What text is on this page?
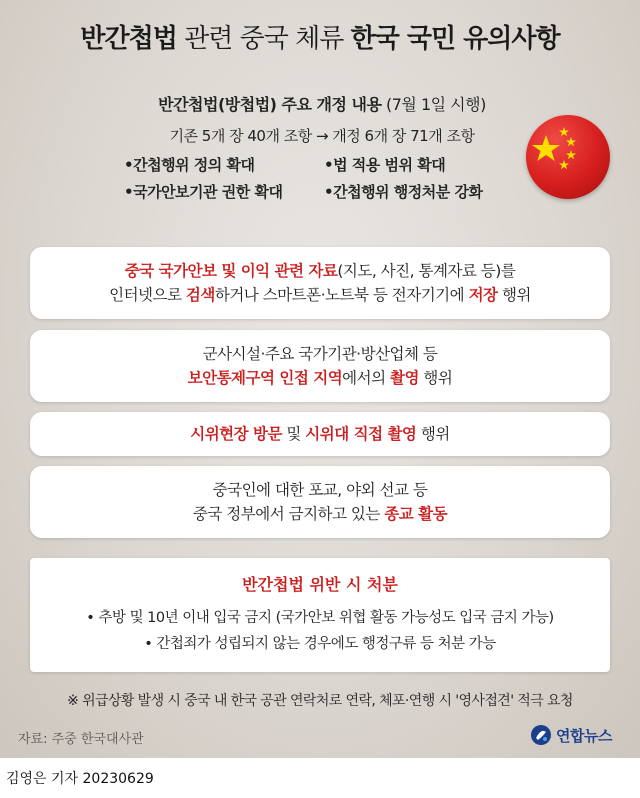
반간첩법 관련 중국 체류 한국 국민 유의사항
반간첩법(방첩법) 주요 개정 내용 (7월 1일 시행)
기존 5개 장 40개 조항 → 개정 6개 장 71개 조항
•간첩행위 정의 확대	•법 적용 범위 확대
•국가안보기관 권한 확대	•간첩행위 행정처분 강화
중국 국가안보 및 이익 관련 자료(지도, 사진, 통계자료 등)를
인터넷으로 검색하거나 스마트폰·노트북 등 전자기기에 저장 행위
군사시설·주요 국가기관·방산업체 등
보안통제구역 인접 지역에서의 촬영 행위
시위현장 방문 및 시위대 직접 촬영 행위
중국인에 대한 포교, 야외 선교 등
중국 정부에서 금지하고 있는 종교 활동
반간첩법 위반 시 처분
• 추방 및 10년 이내 입국 금지 (국가안보 위협 활동 가능성도 입국 금지 가능)
• 간첩죄가 성립되지 않는 경우에도 행정구류 등 처분 가능
※ 위급상황 발생 시 중국 내 한국 공관 연락처로 연락, 체포·연행 시 '영사접견' 적극 요청
자료: 주중 한국대사관	연합뉴스
김영은 기자 20230629
